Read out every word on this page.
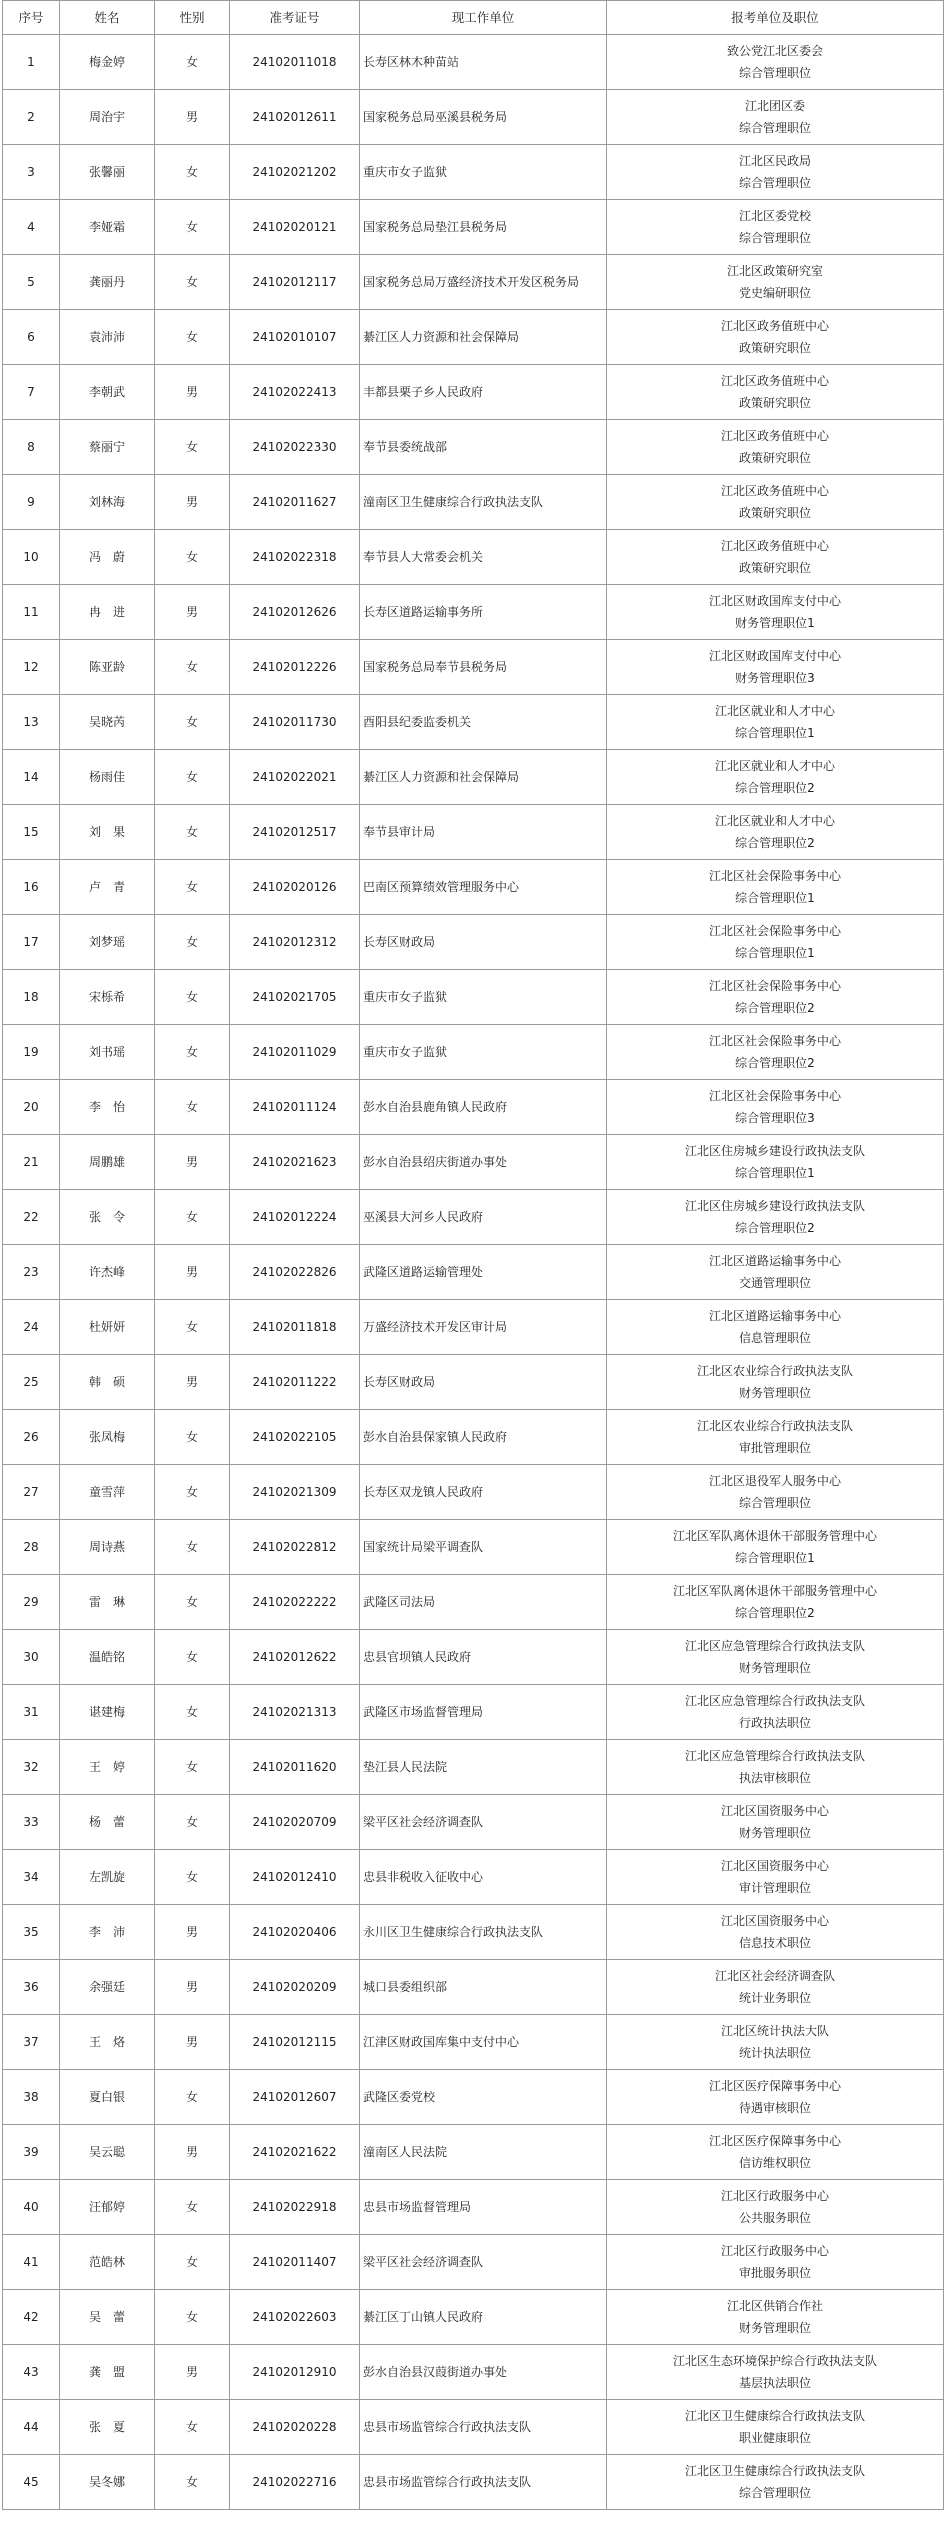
序号	姓名	性别	准考证号	现工作单位	报考单位及职位
1	梅金婷	女	24102011018	长寿区林木种苗站	致公党江北区委会
综合管理职位

2	周治宇	男	24102012611	国家税务总局巫溪县税务局	江北团区委
综合管理职位

3	张馨丽	女	24102021202	重庆市女子监狱	江北区民政局
综合管理职位

4	李娅霜	女	24102020121	国家税务总局垫江县税务局	江北区委党校
综合管理职位

5	龚丽丹	女	24102012117	国家税务总局万盛经济技术开发区税务局	江北区政策研究室
党史编研职位

6	袁沛沛	女	24102010107	綦江区人力资源和社会保障局	江北区政务值班中心
政策研究职位

7	李朝武	男	24102022413	丰都县栗子乡人民政府	江北区政务值班中心
政策研究职位

8	蔡丽宁	女	24102022330	奉节县委统战部	江北区政务值班中心
政策研究职位

9	刘林海	男	24102011627	潼南区卫生健康综合行政执法支队	江北区政务值班中心
政策研究职位

10	冯　蔚	女	24102022318	奉节县人大常委会机关	江北区政务值班中心
政策研究职位

11	冉　进	男	24102012626	长寿区道路运输事务所	江北区财政国库支付中心
财务管理职位1

12	陈亚龄	女	24102012226	国家税务总局奉节县税务局	江北区财政国库支付中心
财务管理职位3

13	吴晓芮	女	24102011730	酉阳县纪委监委机关	江北区就业和人才中心
综合管理职位1

14	杨雨佳	女	24102022021	綦江区人力资源和社会保障局	江北区就业和人才中心
综合管理职位2

15	刘　果	女	24102012517	奉节县审计局	江北区就业和人才中心
综合管理职位2

16	卢　青	女	24102020126	巴南区预算绩效管理服务中心	江北区社会保险事务中心
综合管理职位1

17	刘梦瑶	女	24102012312	长寿区财政局	江北区社会保险事务中心
综合管理职位1

18	宋栎希	女	24102021705	重庆市女子监狱	江北区社会保险事务中心
综合管理职位2

19	刘书瑶	女	24102011029	重庆市女子监狱	江北区社会保险事务中心
综合管理职位2

20	李　怡	女	24102011124	彭水自治县鹿角镇人民政府	江北区社会保险事务中心
综合管理职位3

21	周鹏雄	男	24102021623	彭水自治县绍庆街道办事处	江北区住房城乡建设行政执法支队
综合管理职位1

22	张　令	女	24102012224	巫溪县大河乡人民政府	江北区住房城乡建设行政执法支队
综合管理职位2

23	许杰峰	男	24102022826	武隆区道路运输管理处	江北区道路运输事务中心
交通管理职位

24	杜妍妍	女	24102011818	万盛经济技术开发区审计局	江北区道路运输事务中心
信息管理职位

25	韩　硕	男	24102011222	长寿区财政局	江北区农业综合行政执法支队
财务管理职位

26	张凤梅	女	24102022105	彭水自治县保家镇人民政府	江北区农业综合行政执法支队
审批管理职位

27	童雪萍	女	24102021309	长寿区双龙镇人民政府	江北区退役军人服务中心
综合管理职位

28	周诗燕	女	24102022812	国家统计局梁平调查队	江北区军队离休退休干部服务管理中心
综合管理职位1

29	雷　琳	女	24102022222	武隆区司法局	江北区军队离休退休干部服务管理中心
综合管理职位2

30	温皓铭	女	24102012622	忠县官坝镇人民政府	江北区应急管理综合行政执法支队
财务管理职位

31	谌建梅	女	24102021313	武隆区市场监督管理局	江北区应急管理综合行政执法支队
行政执法职位

32	王　婷	女	24102011620	垫江县人民法院	江北区应急管理综合行政执法支队
执法审核职位

33	杨　蕾	女	24102020709	梁平区社会经济调查队	江北区国资服务中心
财务管理职位

34	左凯旋	女	24102012410	忠县非税收入征收中心	江北区国资服务中心
审计管理职位

35	李　沛	男	24102020406	永川区卫生健康综合行政执法支队	江北区国资服务中心
信息技术职位

36	余强廷	男	24102020209	城口县委组织部	江北区社会经济调查队
统计业务职位

37	王　烙	男	24102012115	江津区财政国库集中支付中心	江北区统计执法大队
统计执法职位

38	夏白银	女	24102012607	武隆区委党校	江北区医疗保障事务中心
待遇审核职位

39	吴云聪	男	24102021622	潼南区人民法院	江北区医疗保障事务中心
信访维权职位

40	汪郁婷	女	24102022918	忠县市场监督管理局	江北区行政服务中心
公共服务职位

41	范皓林	女	24102011407	梁平区社会经济调查队	江北区行政服务中心
审批服务职位

42	吴　蕾	女	24102022603	綦江区丁山镇人民政府	江北区供销合作社
财务管理职位

43	龚　盟	男	24102012910	彭水自治县汉葭街道办事处	江北区生态环境保护综合行政执法支队
基层执法职位

44	张　夏	女	24102020228	忠县市场监管综合行政执法支队	江北区卫生健康综合行政执法支队
职业健康职位

45	吴冬娜	女	24102022716	忠县市场监管综合行政执法支队	江北区卫生健康综合行政执法支队
综合管理职位
